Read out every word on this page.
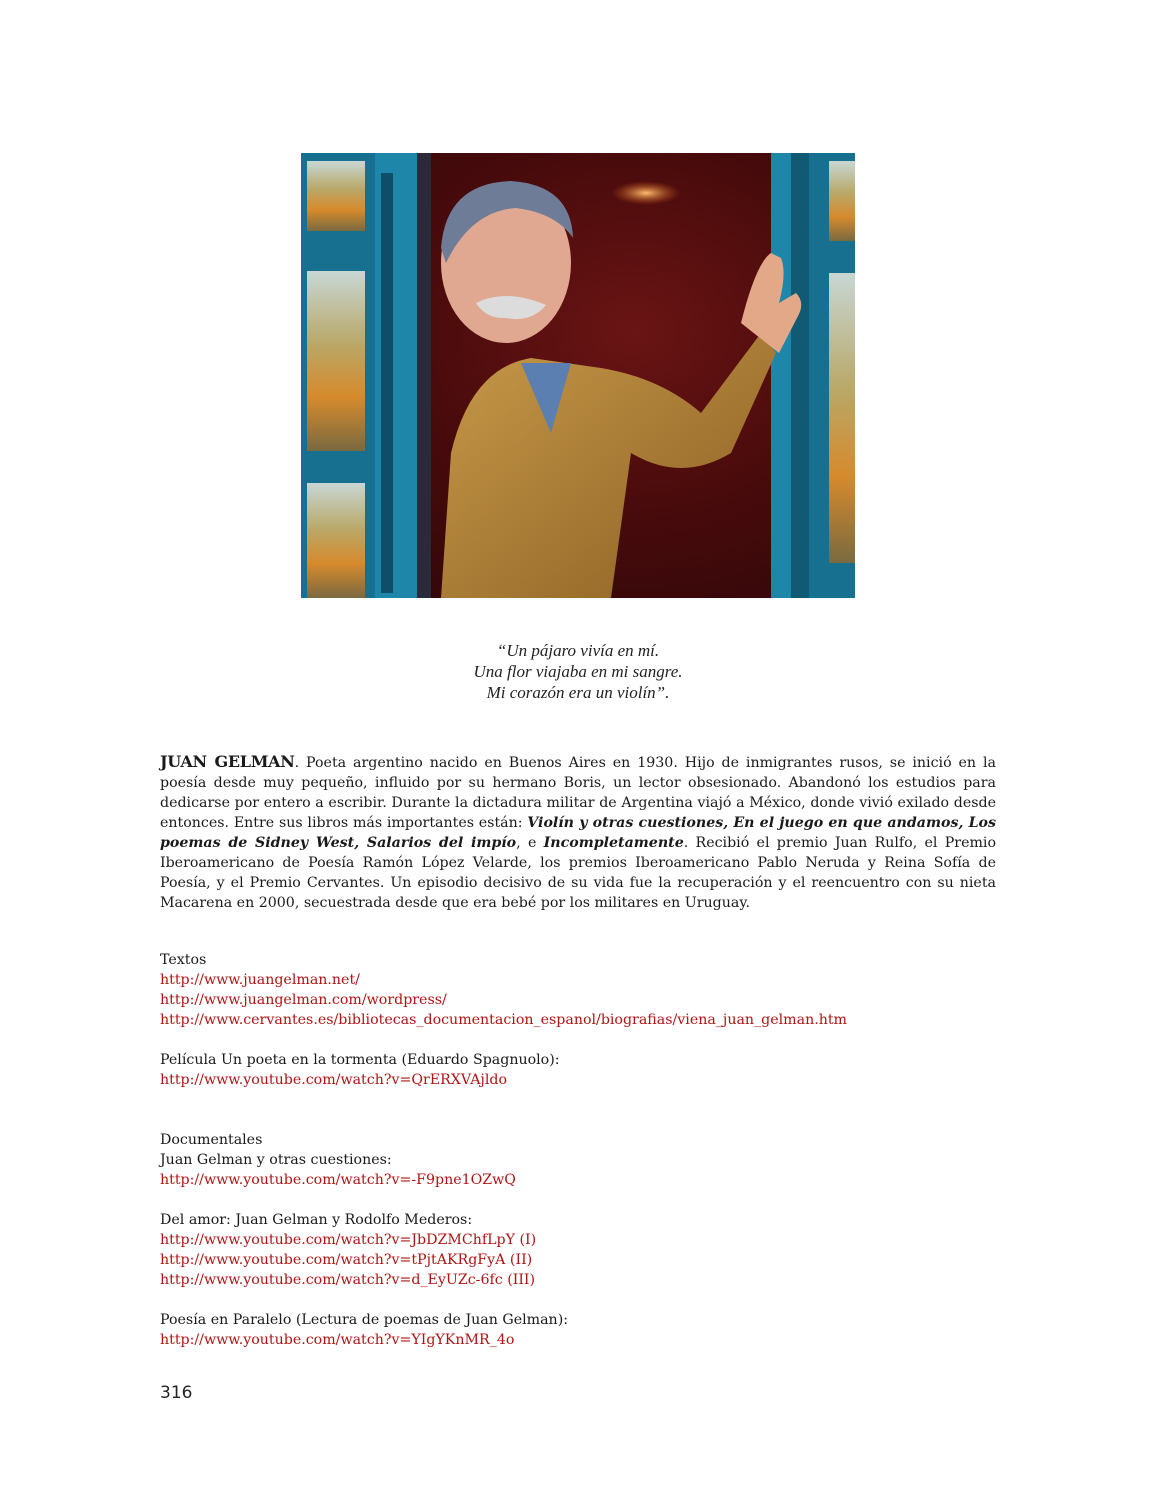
“Un pájaro vivía en mí.
Una flor viajaba en mi sangre.
Mi corazón era un violín”.
JUAN GELMAN. Poeta argentino nacido en Buenos Aires en 1930. Hijo de inmigrantes rusos, se inició en la poesía desde muy pequeño, influido por su hermano Boris, un lector obsesionado. Abandonó los estudios para dedicarse por entero a escribir. Durante la dictadura militar de Argentina viajó a México, donde vivió exilado desde entonces. Entre sus libros más importantes están: Violín y otras cuestiones, En el juego en que andamos, Los poemas de Sidney West, Salarios del impío, e Incompletamente. Recibió el premio Juan Rulfo, el Premio Iberoamericano de Poesía Ramón López Velarde, los premios Iberoamericano Pablo Neruda y Reina Sofía de Poesía, y el Premio Cervantes. Un episodio decisivo de su vida fue la recuperación y el reencuentro con su nieta Macarena en 2000, secuestrada desde que era bebé por los militares en Uruguay.
Textos
http://www.juangelman.net/
http://www.juangelman.com/wordpress/
http://www.cervantes.es/bibliotecas_documentacion_espanol/biografias/viena_juan_gelman.htm
Película Un poeta en la tormenta (Eduardo Spagnuolo):
http://www.youtube.com/watch?v=QrERXVAjldo
Documentales
Juan Gelman y otras cuestiones:
http://www.youtube.com/watch?v=-F9pne1OZwQ
Del amor: Juan Gelman y Rodolfo Mederos:
http://www.youtube.com/watch?v=JbDZMChfLpY (I)
http://www.youtube.com/watch?v=tPjtAKRgFyA (II)
http://www.youtube.com/watch?v=d_EyUZc-6fc (III)
Poesía en Paralelo (Lectura de poemas de Juan Gelman):
http://www.youtube.com/watch?v=YIgYKnMR_4o
316
